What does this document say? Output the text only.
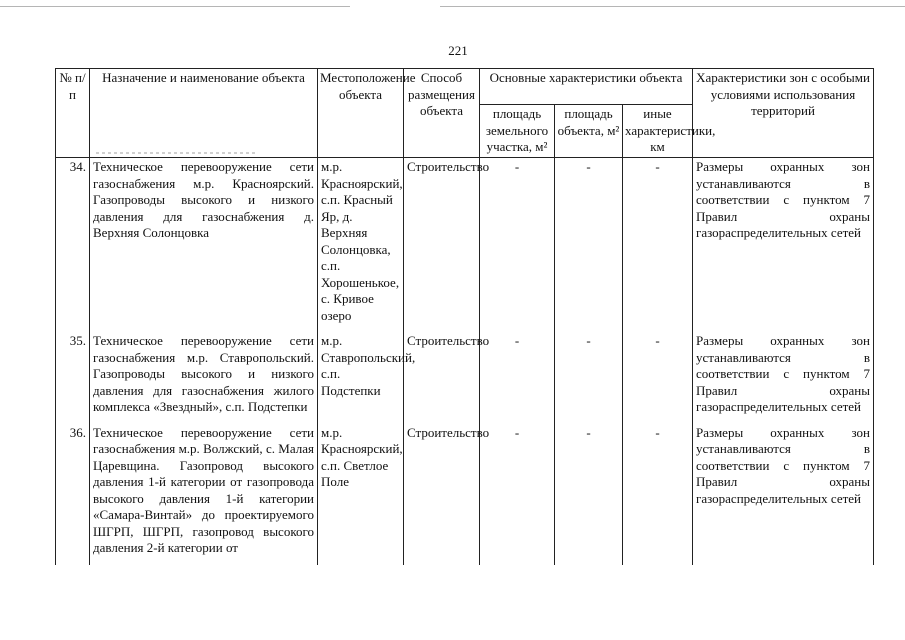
221
№ п/п	Назначение и наименование объекта	Местоположение объекта	Способ размещения объекта	Основные характеристики объекта			Характеристики зон с особыми условиями использования территорий
				площадь земельного участка, м²	площадь объекта, м²	иные характеристики, км	
34.	Техническое перевооружение сети газоснабжения м.р. Красноярский. Газопроводы высокого и низкого давления для газоснабжения д. Верхняя Солонцовка	м.р. Красноярский, с.п. Красный Яр, д. Верхняя Солонцовка, с.п. Хорошенькое, с. Кривое озеро	Строительство	-	-	-	Размеры охранных зон устанавливаются в соответствии с пунктом 7 Правил охраны газораспределительных сетей
35.	Техническое перевооружение сети газоснабжения м.р. Ставропольский. Газопроводы высокого и низкого давления для газоснабжения жилого комплекса «Звездный», с.п. Подстепки	м.р. Ставропольский, с.п. Подстепки	Строительство	-	-	-	Размеры охранных зон устанавливаются в соответствии с пунктом 7 Правил охраны газораспределительных сетей
36.	Техническое перевооружение сети газоснабжения м.р. Волжский, с. Малая Царевщина. Газопровод высокого давления 1-й категории от газопровода высокого давления 1-й категории «Самара-Винтай» до проектируемого ШГРП, ШГРП, газопровод высокого давления 2-й категории от	м.р. Красноярский, с.п. Светлое Поле	Строительство	-	-	-	Размеры охранных зон устанавливаются в соответствии с пунктом 7 Правил охраны газораспределительных сетей
